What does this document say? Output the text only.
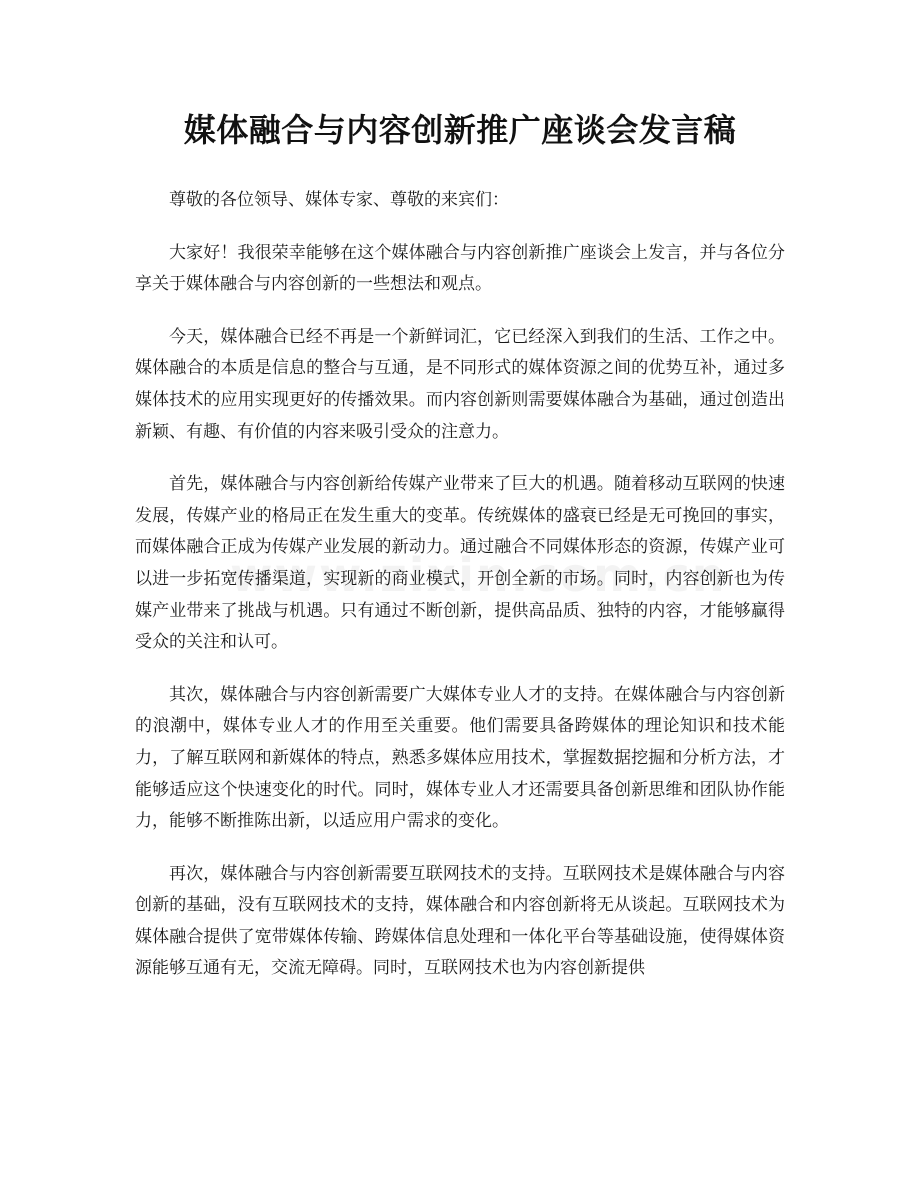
媒体融合与内容创新推广座谈会发言稿

尊敬的各位领导、媒体专家、尊敬的来宾们：

大家好！我很荣幸能够在这个媒体融合与内容创新推广座谈会上发言，并与各位分享关于媒体融合与内容创新的一些想法和观点。

今天，媒体融合已经不再是一个新鲜词汇，它已经深入到我们的生活、工作之中。媒体融合的本质是信息的整合与互通，是不同形式的媒体资源之间的优势互补，通过多媒体技术的应用实现更好的传播效果。而内容创新则需要媒体融合为基础，通过创造出新颖、有趣、有价值的内容来吸引受众的注意力。

首先，媒体融合与内容创新给传媒产业带来了巨大的机遇。随着移动互联网的快速发展，传媒产业的格局正在发生重大的变革。传统媒体的盛衰已经是无可挽回的事实，而媒体融合正成为传媒产业发展的新动力。通过融合不同媒体形态的资源，传媒产业可以进一步拓宽传播渠道，实现新的商业模式，开创全新的市场。同时，内容创新也为传媒产业带来了挑战与机遇。只有通过不断创新，提供高品质、独特的内容，才能够赢得受众的关注和认可。

其次，媒体融合与内容创新需要广大媒体专业人才的支持。在媒体融合与内容创新的浪潮中，媒体专业人才的作用至关重要。他们需要具备跨媒体的理论知识和技术能力，了解互联网和新媒体的特点，熟悉多媒体应用技术，掌握数据挖掘和分析方法，才能够适应这个快速变化的时代。同时，媒体专业人才还需要具备创新思维和团队协作能力，能够不断推陈出新，以适应用户需求的变化。

再次，媒体融合与内容创新需要互联网技术的支持。互联网技术是媒体融合与内容创新的基础，没有互联网技术的支持，媒体融合和内容创新将无从谈起。互联网技术为媒体融合提供了宽带媒体传输、跨媒体信息处理和一体化平台等基础设施，使得媒体资源能够互通有无，交流无障碍。同时，互联网技术也为内容创新提供
